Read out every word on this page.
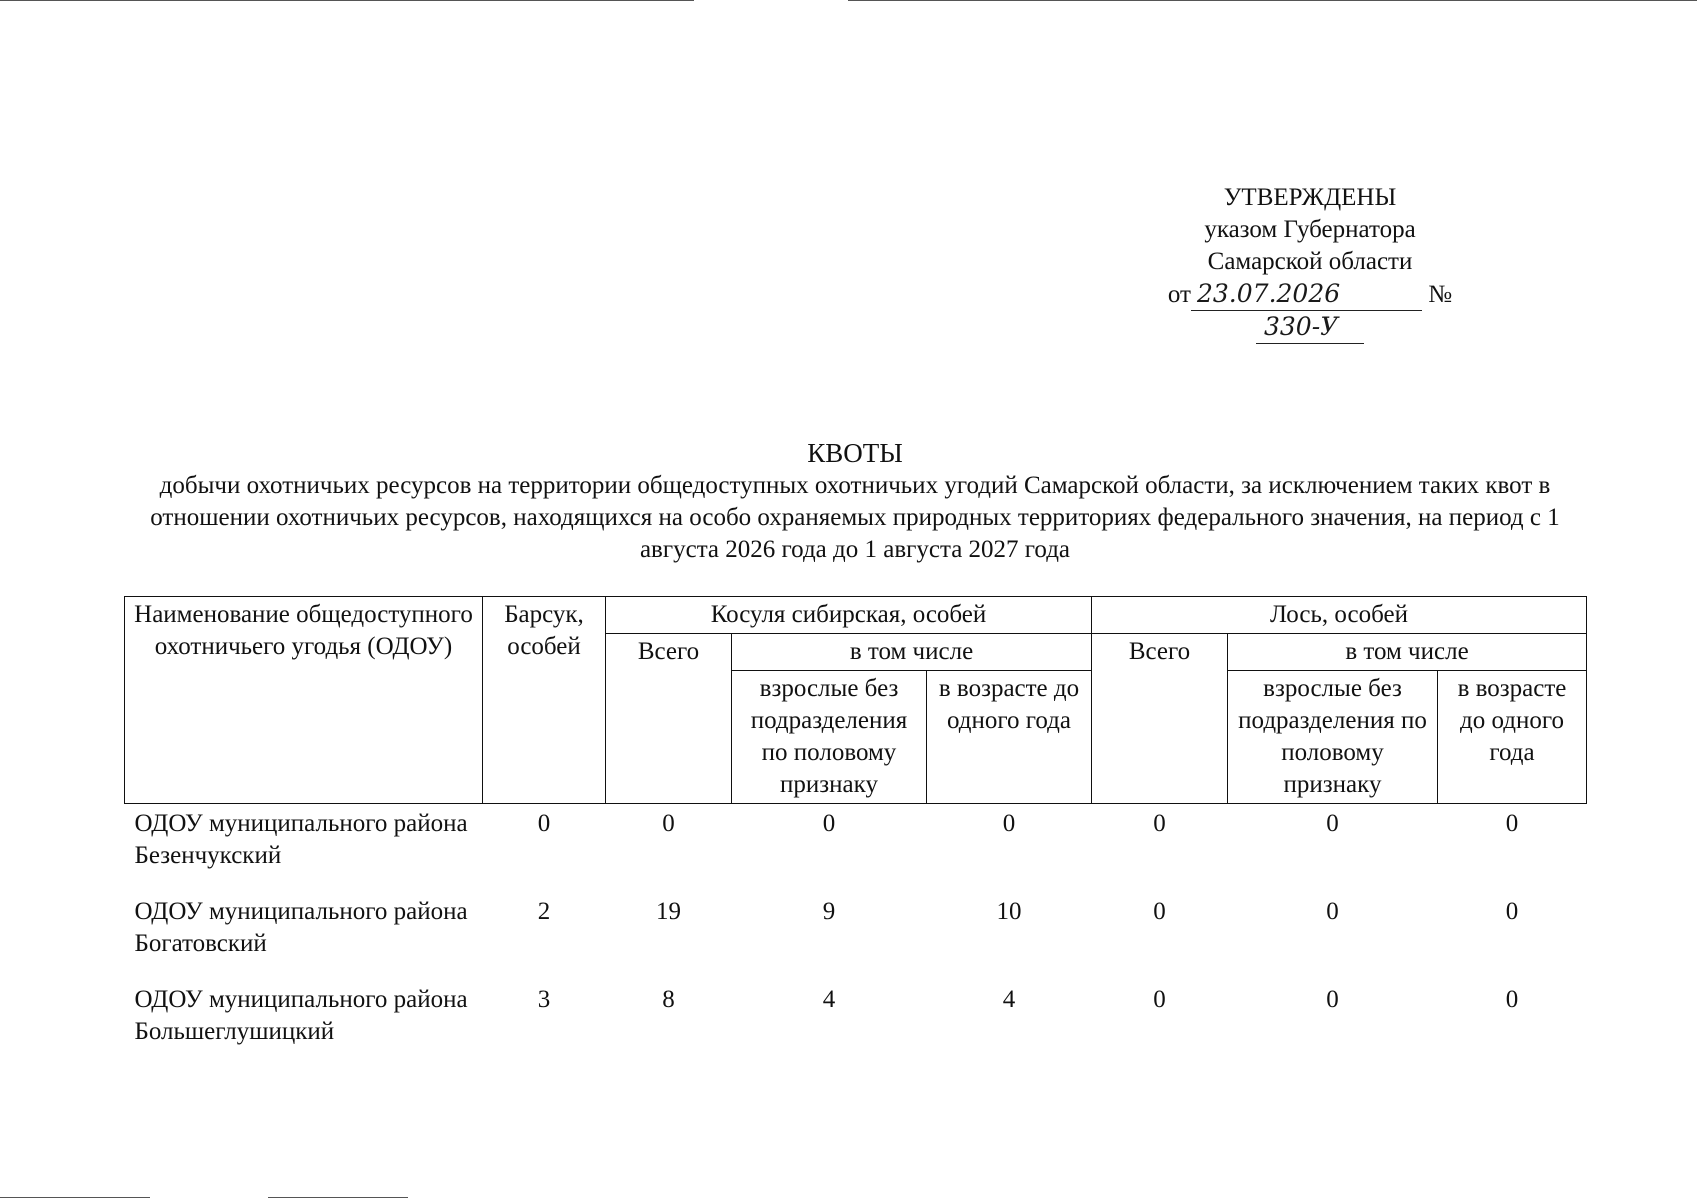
УТВЕРЖДЕНЫ
указом Губернатора
Самарской области
от 23.07.2026	№ 330-У
КВОТЫ
добычи охотничьих ресурсов на территории общедоступных охотничьих угодий Самарской области, за исключением таких квот в отношении охотничьих ресурсов, находящихся на особо охраняемых природных территориях федерального значения, на период с 1 августа 2026 года до 1 августа 2027 года
Наименование общедоступного охотничьего угодья (ОДОУ)	Барсук, особей	Косуля сибирская, особей			Лось, особей		
		Всего	в том числе		Всего	в том числе	
			взрослые без подразделения по половому признаку	в возрасте до одного года		взрослые без подразделения по половому признаку	в возрасте до одного года
ОДОУ муниципального района Безенчукский	0	0	0	0	0	0	0
ОДОУ муниципального района Богатовский	2	19	9	10	0	0	0
ОДОУ муниципального района Большеглушицкий	3	8	4	4	0	0	0
